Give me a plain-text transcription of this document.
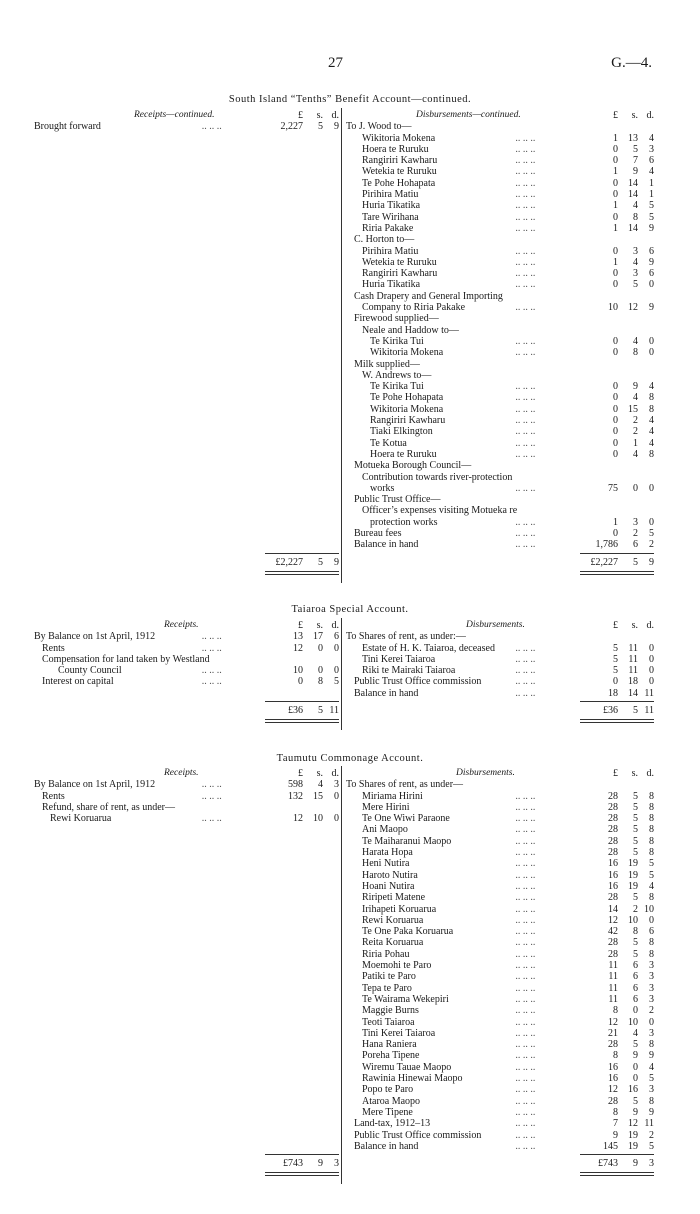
27	G.—4.
South Island “Tenths” Benefit Account—continued.
Receipts—continued.	£	s. d.
Brought forward	.. .. ..	2,227	5	9
£2,227	5	9
Disbursements—continued.	£	s. d.
To J. Wood to—
Wikitoria Mokena	.. .. ..	1	13	4
Hoera te Ruruku	.. .. ..	0	5	3
Rangiriri Kawharu	.. .. ..	0	7	6
Wetekia te Ruruku	.. .. ..	1	9	4
Te Pohe Hohapata	.. .. ..	0	14	1
Pirihira Matiu	.. .. ..	0	14	1
Huria Tikatika	.. .. ..	1	4	5
Tare Wirihana	.. .. ..	0	8	5
Riria Pakake	.. .. ..	1	14	9
C. Horton to—
Pirihira Matiu	.. .. ..	0	3	6
Wetekia te Ruruku	.. .. ..	1	4	9
Rangiriri Kawharu	.. .. ..	0	3	6
Huria Tikatika	.. .. ..	0	5	0
Cash Drapery and General Importing
Company to Riria Pakake	.. .. ..	10	12	9
Firewood supplied—
Neale and Haddow to—
Te Kirika Tui	.. .. ..	0	4	0
Wikitoria Mokena	.. .. ..	0	8	0
Milk supplied—
W. Andrews to—
Te Kirika Tui	.. .. ..	0	9	4
Te Pohe Hohapata	.. .. ..	0	4	8
Wikitoria Mokena	.. .. ..	0	15	8
Rangiriri Kawharu	.. .. ..	0	2	4
Tiaki Elkington	.. .. ..	0	2	4
Te Kotua	.. .. ..	0	1	4
Hoera te Ruruku	.. .. ..	0	4	8
Motueka Borough Council—
Contribution towards river-protection
works	.. .. ..	75	0	0
Public Trust Office—
Officer’s expenses visiting Motueka re
protection works	.. .. ..	1	3	0
Bureau fees	.. .. ..	0	2	5
Balance in hand	.. .. ..	1,786	6	2
£2,227	5	9
Taiaroa Special Account.
Receipts.	£	s. d.
By Balance on 1st April, 1912	.. .. ..	13	17	6
Rents	.. .. ..	12	0	0
Compensation for land taken by Westland
County Council	.. .. ..	10	0	0
Interest on capital	.. .. ..	0	8	5
£36	5 11
Disbursements.	£	s. d.
To Shares of rent, as under:—
Estate of H. K. Taiaroa, deceased .. .. ..	5	11	0
Tini Kerei Taiaroa	.. .. ..	5	11	0
Riki te Mairaki Taiaroa	.. .. ..	5	11	0
Public Trust Office commission	.. .. ..	0	18	0
Balance in hand	.. .. ..	18	14 11
£36	5 11
Taumutu Commonage Account.
Receipts.	£	s. d.
By Balance on 1st April, 1912	.. .. ..	598	4	3
Rents	.. .. ..	132	15	0
Refund, share of rent, as under—
Rewi Koruarua	.. .. ..	12	10	0
£743	9	3
Disbursements.	£	s. d.
To Shares of rent, as under—
Miriama Hirini	.. .. ..	28	5	8
Mere Hirini	.. .. ..	28	5	8
Te One Wiwi Paraone	.. .. ..	28	5	8
Ani Maopo	.. .. ..	28	5	8
Te Maiharanui Maopo	.. .. ..	28	5	8
Harata Hopa	.. .. ..	28	5	8
Heni Nutira	.. .. ..	16	19	5
Haroto Nutira	.. .. ..	16	19	5
Hoani Nutira	.. .. ..	16	19	4
Riripeti Matene	.. .. ..	28	5	8
Irihapeti Koruarua	.. .. ..	14	2 10
Rewi Koruarua	.. .. ..	12	10	0
Te One Paka Koruarua	.. .. ..	42	8	6
Reita Koruarua	.. .. ..	28	5	8
Riria Pohau	.. .. ..	28	5	8
Moemohi te Paro	.. .. ..	11	6	3
Patiki te Paro	.. .. ..	11	6	3
Tepa te Paro	.. .. ..	11	6	3
Te Wairama Wekepiri	.. .. ..	11	6	3
Maggie Burns	.. .. ..	8	0	2
Teoti Taiaroa	.. .. ..	12	10	0
Tini Kerei Taiaroa	.. .. ..	21	4	3
Hana Raniera	.. .. ..	28	5	8
Poreha Tipene	.. .. ..	8	9	9
Wiremu Tauae Maopo	.. .. ..	16	0	4
Rawinia Hinewai Maopo	.. .. ..	16	0	5
Popo te Paro	.. .. ..	12	16	3
Ataroa Maopo	.. .. ..	28	5	8
Mere Tipene	.. .. ..	8	9	9
Land-tax, 1912–13	.. .. ..	7	12 11
Public Trust Office commission	.. .. ..	9	19	2
Balance in hand	.. .. ..	145	19	5
£743	9	3
